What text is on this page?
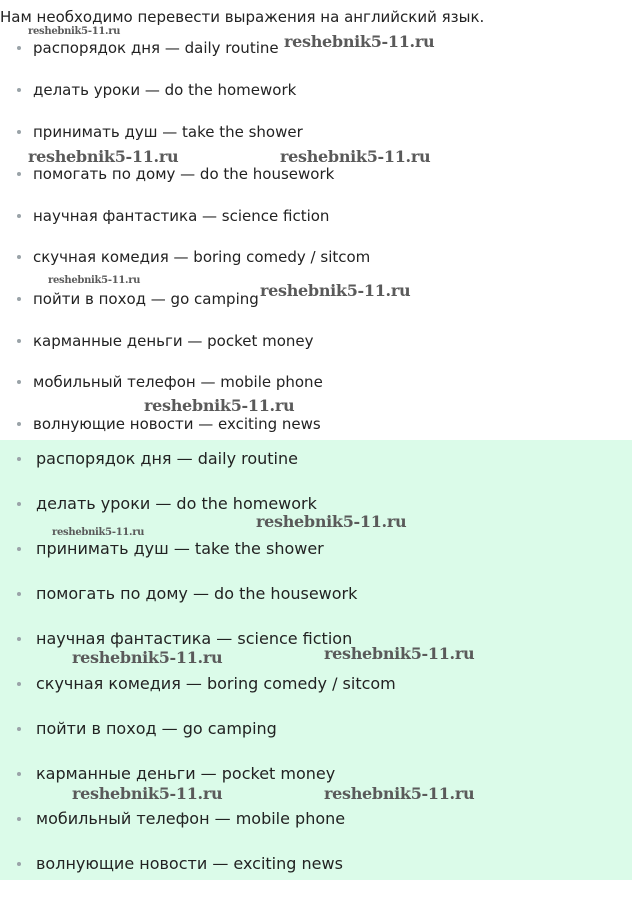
Нам необходимо перевести выражения на английский язык.
распорядок дня — daily routine
делать уроки — do the homework
принимать душ — take the shower
помогать по дому — do the housework
научная фантастика — science fiction
скучная комедия — boring comedy / sitcom
пойти в поход — go camping
карманные деньги — pocket money
мобильный телефон — mobile phone
волнующие новости — exciting news
распорядок дня — daily routine
делать уроки — do the homework
принимать душ — take the shower
помогать по дому — do the housework
научная фантастика — science fiction
скучная комедия — boring comedy / sitcom
пойти в поход — go camping
карманные деньги — pocket money
мобильный телефон — mobile phone
волнующие новости — exciting news
reshebnik5-11.ru
reshebnik5-11.ru
reshebnik5-11.ru	reshebnik5-11.ru
reshebnik5-11.ru
reshebnik5-11.ru
reshebnik5-11.ru
reshebnik5-11.ru
reshebnik5-11.ru
reshebnik5-11.ru	reshebnik5-11.ru
reshebnik5-11.ru	reshebnik5-11.ru
